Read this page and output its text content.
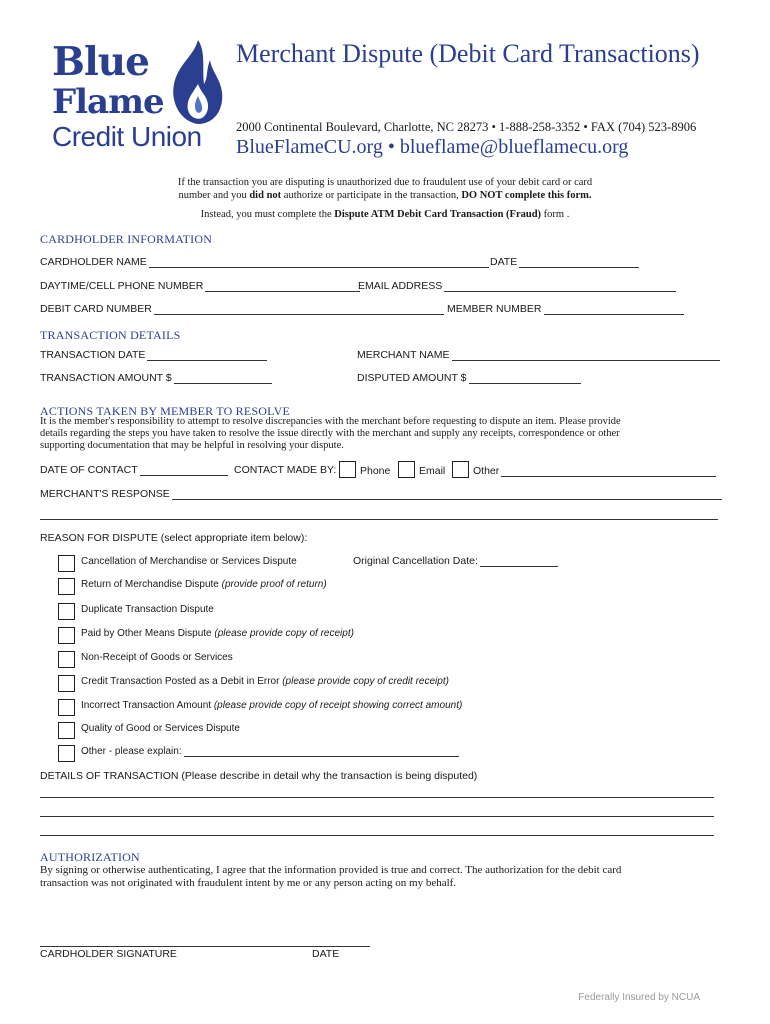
Blue
Flame
Credit Union
Merchant Dispute (Debit Card Transactions)
2000 Continental Boulevard, Charlotte, NC 28273 • 1-888-258-3352 • FAX (704) 523-8906
BlueFlameCU.org • blueflame@blueflamecu.org
If the transaction you are disputing is unauthorized due to fraudulent use of your debit card or card
number and you did not authorize or participate in the transaction, DO NOT complete this form.
Instead, you must complete the Dispute ATM Debit Card Transaction (Fraud) form .
CARDHOLDER INFORMATION
CARDHOLDER NAME	DATE
DAYTIME/CELL PHONE NUMBER	EMAIL ADDRESS
DEBIT CARD NUMBER	MEMBER NUMBER
TRANSACTION DETAILS
TRANSACTION DATE	MERCHANT NAME
TRANSACTION AMOUNT $	DISPUTED AMOUNT $
ACTIONS TAKEN BY MEMBER TO RESOLVE
It is the member's responsibility to attempt to resolve discrepancies with the merchant before requesting to dispute an item. Please provide
details regarding the steps you have taken to resolve the issue directly with the merchant and supply any receipts, correspondence or other
supporting documentation that may be helpful in resolving your dispute.
DATE OF CONTACT	CONTACT MADE BY: Phone	Email	Other
MERCHANT'S RESPONSE
REASON FOR DISPUTE (select appropriate item below):
Cancellation of Merchandise or Services Dispute	Original Cancellation Date:
Return of Merchandise Dispute (provide proof of return)
Duplicate Transaction Dispute
Paid by Other Means Dispute (please provide copy of receipt)
Non-Receipt of Goods or Services
Credit Transaction Posted as a Debit in Error (please provide copy of credit receipt)
Incorrect Transaction Amount (please provide copy of receipt showing correct amount)
Quality of Good or Services Dispute
Other - please explain:
DETAILS OF TRANSACTION (Please describe in detail why the transaction is being disputed)
AUTHORIZATION
By signing or otherwise authenticating, I agree that the information provided is true and correct. The authorization for the debit card
transaction was not originated with fraudulent intent by me or any person acting on my behalf.
CARDHOLDER SIGNATURE	DATE
Federally Insured by NCUA
